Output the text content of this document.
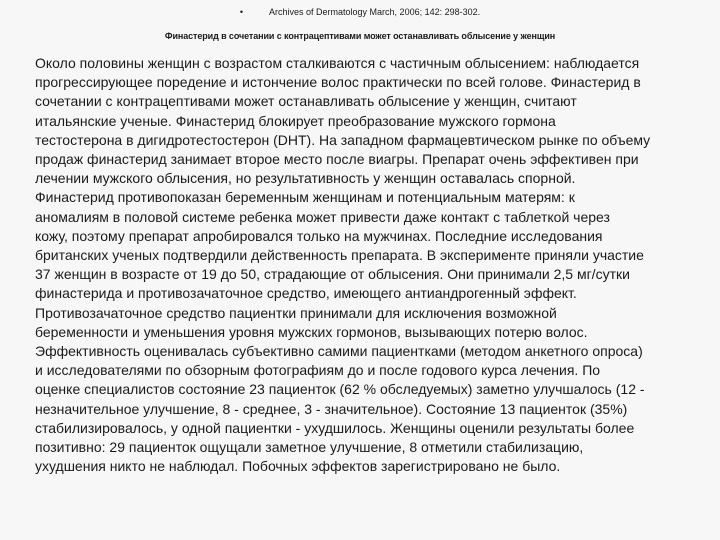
•	Archives of Dermatology March, 2006; 142: 298-302.
Финастерид в сочетании с контрацептивами может останавливать облысение у женщин
Около половины женщин с возрастом сталкиваются с частичным облысением: наблюдается
прогрессирующее поредение и истончение волос практически по всей голове. Финастерид в
сочетании с контрацептивами может останавливать облысение у женщин, считают
итальянские ученые. Финастерид блокирует преобразование мужского гормона
тестостерона в дигидротестостерон (DHT). На западном фармацевтическом рынке по объему
продаж финастерид занимает второе место после виагры. Препарат очень эффективен при
лечении мужского облысения, но результативность у женщин оставалась спорной.
Финастерид противопоказан беременным женщинам и потенциальным матерям: к
аномалиям в половой системе ребенка может привести даже контакт с таблеткой через
кожу, поэтому препарат апробировался только на мужчинах. Последние исследования
британских ученых подтвердили действенность препарата. В эксперименте приняли участие
37 женщин в возрасте от 19 до 50, страдающие от облысения. Они принимали 2,5 мг/сутки
финастерида и противозачаточное средство, имеющего антиандрогенный эффект.
Противозачаточное средство пациентки принимали для исключения возможной
беременности и уменьшения уровня мужских гормонов, вызывающих потерю волос.
Эффективность оценивалась субъективно самими пациентками (методом анкетного опроса)
и исследователями по обзорным фотографиям до и после годового курса лечения. По
оценке специалистов состояние 23 пациенток (62 % обследуемых) заметно улучшалось (12 -
незначительное улучшение, 8 - среднее, 3 - значительное). Состояние 13 пациенток (35%)
стабилизировалось, у одной пациентки - ухудшилось. Женщины оценили результаты более
позитивно: 29 пациенток ощущали заметное улучшение, 8 отметили стабилизацию,
ухудшения никто не наблюдал. Побочных эффектов зарегистрировано не было.
